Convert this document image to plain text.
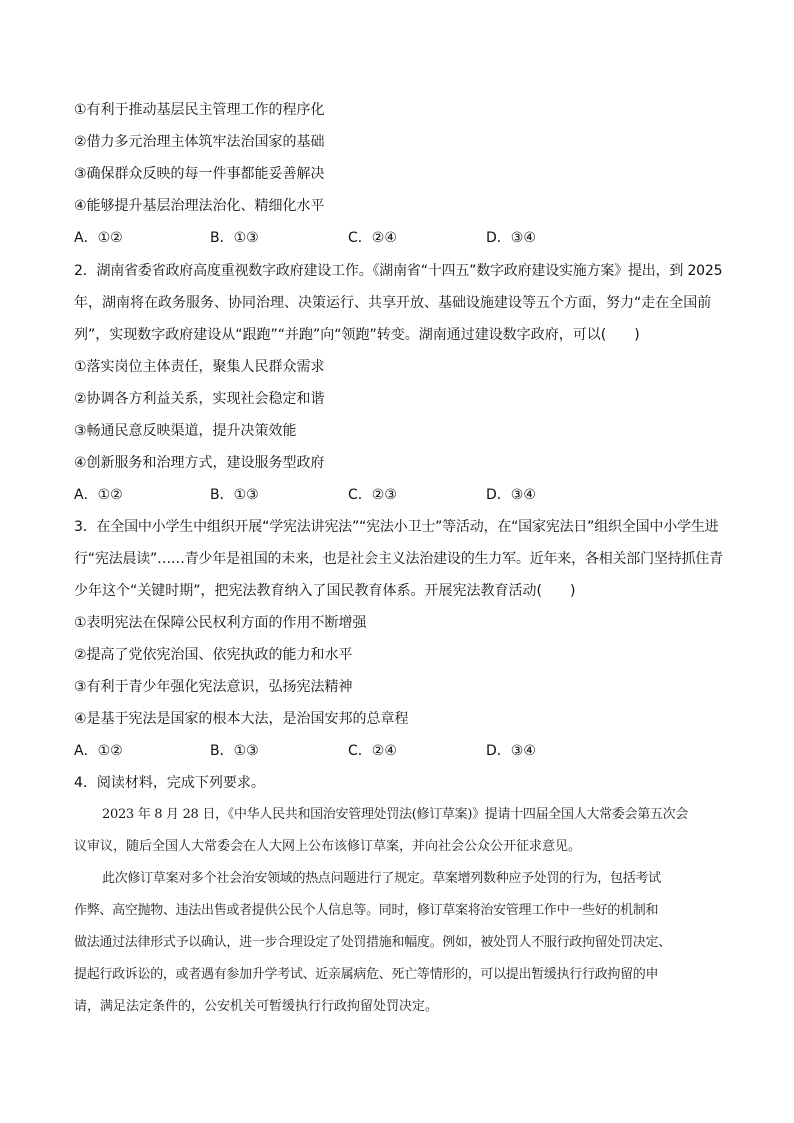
①有利于推动基层民主管理工作的程序化
②借力多元治理主体筑牢法治国家的基础
③确保群众反映的每一件事都能妥善解决
④能够提升基层治理法治化、精细化水平
A．①②	B．①③	C．②④	D．③④
2．湖南省委省政府高度重视数字政府建设工作。《湖南省“十四五”数字政府建设实施方案》提出，到 2025
年，湖南将在政务服务、协同治理、决策运行、共享开放、基础设施建设等五个方面，努力“走在全国前
列”，实现数字政府建设从“跟跑”“并跑”向“领跑”转变。湖南通过建设数字政府，可以(　　)
①落实岗位主体责任，聚集人民群众需求
②协调各方利益关系，实现社会稳定和谐
③畅通民意反映渠道，提升决策效能
④创新服务和治理方式，建设服务型政府
A．①②	B．①③	C．②③	D．③④
3．在全国中小学生中组织开展“学宪法讲宪法”“宪法小卫士”等活动，在“国家宪法日”组织全国中小学生进
行“宪法晨读”……青少年是祖国的未来，也是社会主义法治建设的生力军。近年来，各相关部门坚持抓住青
少年这个“关键时期”，把宪法教育纳入了国民教育体系。开展宪法教育活动(　　)
①表明宪法在保障公民权利方面的作用不断增强
②提高了党依宪治国、依宪执政的能力和水平
③有利于青少年强化宪法意识，弘扬宪法精神
④是基于宪法是国家的根本大法，是治国安邦的总章程
A．①②	B．①③	C．②④	D．③④
4．阅读材料，完成下列要求。
2023 年 8 月 28 日，《中华人民共和国治安管理处罚法(修订草案)》提请十四届全国人大常委会第五次会
议审议，随后全国人大常委会在人大网上公布该修订草案，并向社会公众公开征求意见。
此次修订草案对多个社会治安领域的热点问题进行了规定。草案增列数种应予处罚的行为，包括考试
作弊、高空抛物、违法出售或者提供公民个人信息等。同时，修订草案将治安管理工作中一些好的机制和
做法通过法律形式予以确认，进一步合理设定了处罚措施和幅度。例如，被处罚人不服行政拘留处罚决定、
提起行政诉讼的，或者遇有参加升学考试、近亲属病危、死亡等情形的，可以提出暂缓执行行政拘留的申
请，满足法定条件的，公安机关可暂缓执行行政拘留处罚决定。
